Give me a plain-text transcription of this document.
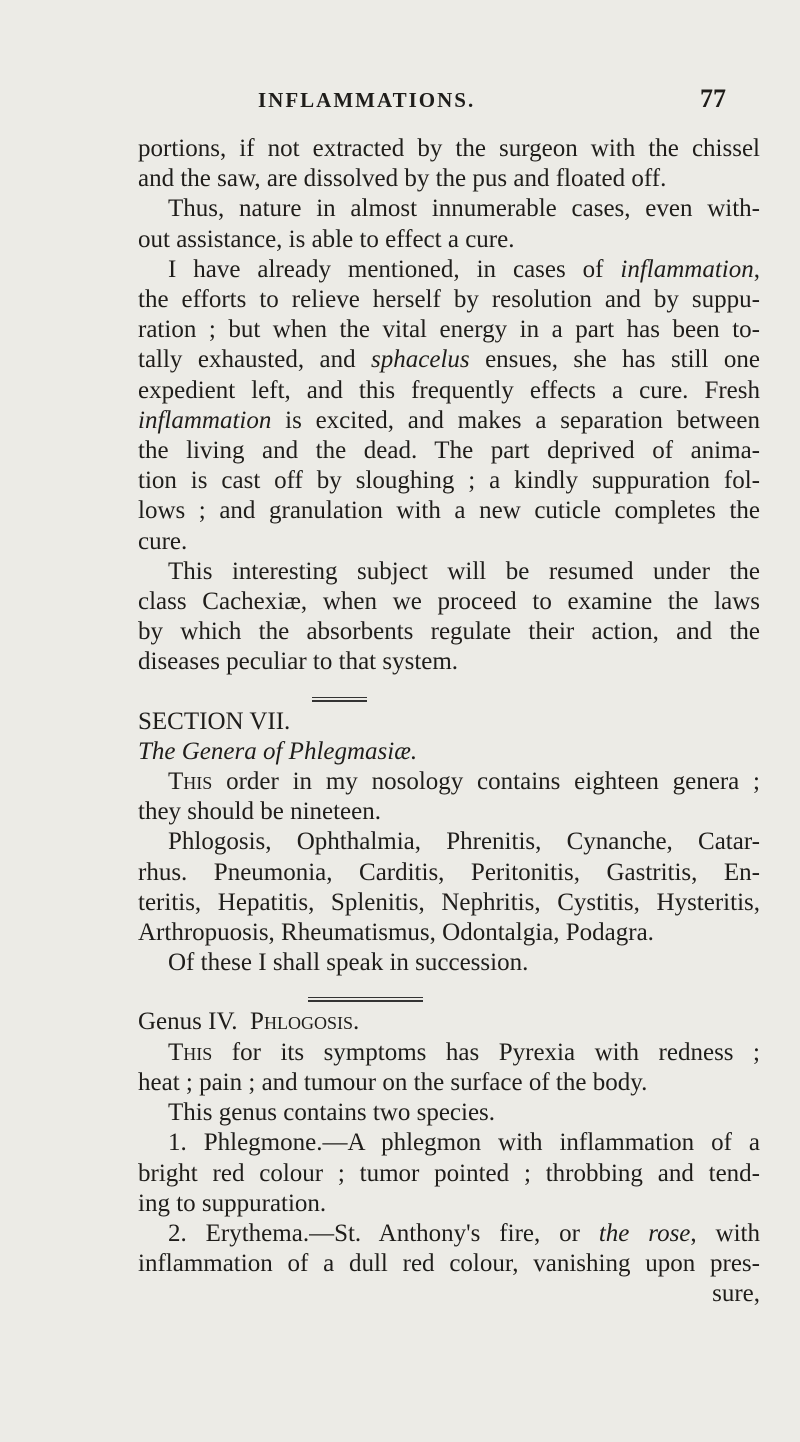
INFLAMMATIONS.	77

portions, if not extracted by the surgeon with the chissel

and the saw, are dissolved by the pus and floated off.

Thus, nature in almost innumerable cases, even with-

out assistance, is able to effect a cure.

I have already mentioned, in cases of inflammation,

the efforts to relieve herself by resolution and by suppu-

ration ; but when the vital energy in a part has been to-

tally exhausted, and sphacelus ensues, she has still one

expedient left, and this frequently effects a cure. Fresh

inflammation is excited, and makes a separation between

the living and the dead. The part deprived of anima-

tion is cast off by sloughing ; a kindly suppuration fol-

lows ; and granulation with a new cuticle completes the

cure.

This interesting subject will be resumed under the

class Cachexiæ, when we proceed to examine the laws

by which the absorbents regulate their action, and the

diseases peculiar to that system.

SECTION VII.

The Genera of Phlegmasiæ.

This order in my nosology contains eighteen genera ;

they should be nineteen.

Phlogosis, Ophthalmia, Phrenitis, Cynanche, Catar-

rhus. Pneumonia, Carditis, Peritonitis, Gastritis, En-

teritis, Hepatitis, Splenitis, Nephritis, Cystitis, Hysteritis,

Arthropuosis, Rheumatismus, Odontalgia, Podagra.

Of these I shall speak in succession.

Genus IV. Phlogosis.

This for its symptoms has Pyrexia with redness ;

heat ; pain ; and tumour on the surface of the body.

This genus contains two species.

1. Phlegmone.—A phlegmon with inflammation of a

bright red colour ; tumor pointed ; throbbing and tend-

ing to suppuration.

2. Erythema.—St. Anthony's fire, or the rose, with

inflammation of a dull red colour, vanishing upon pres-

sure,
